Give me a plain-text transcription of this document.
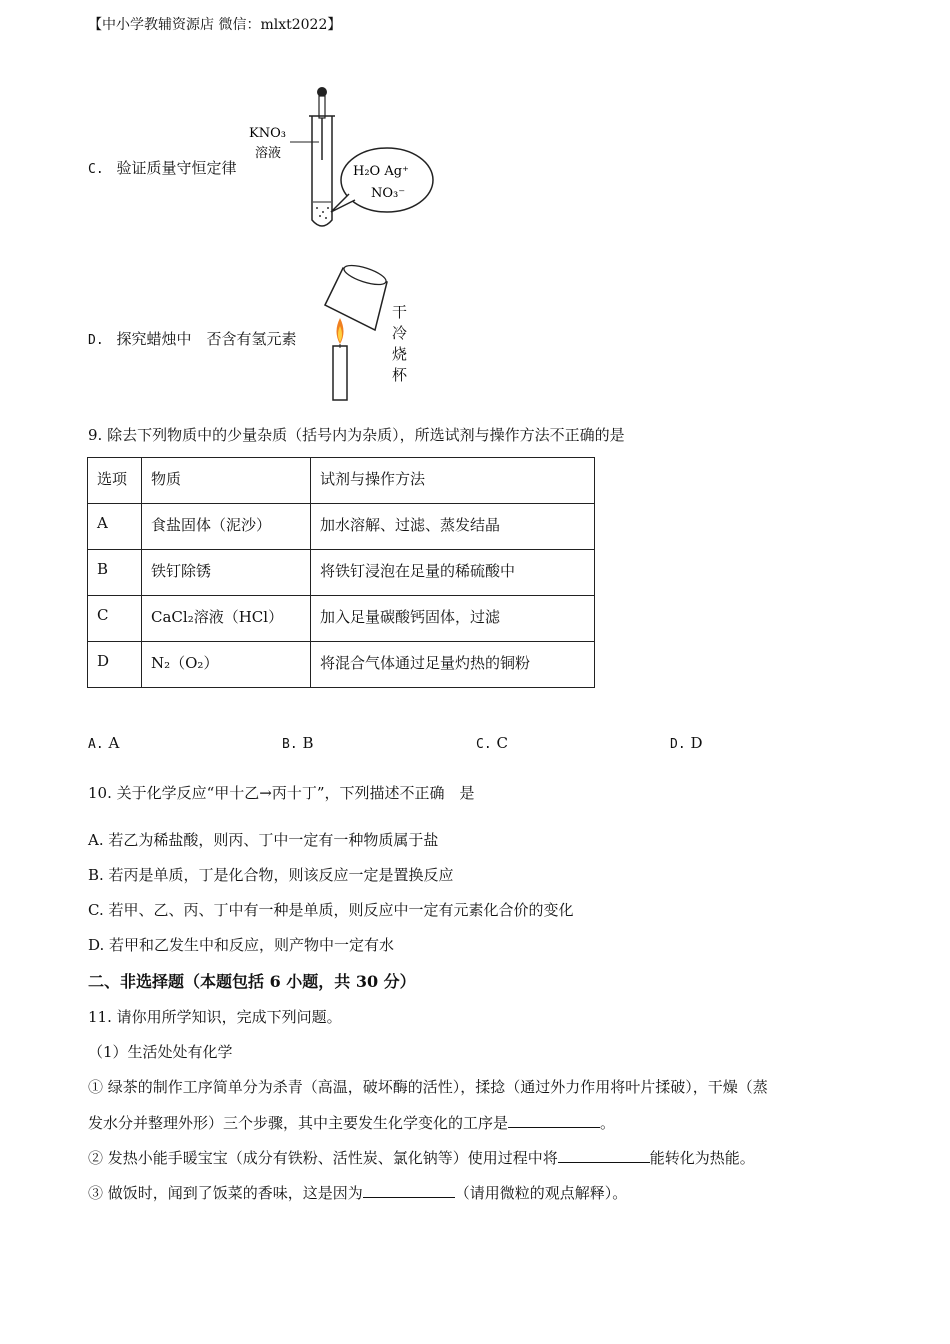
【中小学教辅资源店 微信：mlxt2022】
C. 验证质量守恒定律
KNO₃
溶液
H₂O Ag⁺
NO₃⁻
D. 探究蜡烛中　否含有氢元素
干
冷
烧
杯
9. 除去下列物质中的少量杂质（括号内为杂质），所选试剂与操作方法不正确的是
选项	物质	试剂与操作方法
A	食盐固体（泥沙）	加水溶解、过滤、蒸发结晶
B	铁钉除锈	将铁钉浸泡在足量的稀硫酸中
C	CaCl₂溶液（HCl）	加入足量碳酸钙固体，过滤
D	N₂（O₂）	将混合气体通过足量灼热的铜粉
A. A	B. B	C. C	D. D
10. 关于化学反应“甲十乙→丙十丁”，下列描述不正确　是
A. 若乙为稀盐酸，则丙、丁中一定有一种物质属于盐
B. 若丙是单质，丁是化合物，则该反应一定是置换反应
C. 若甲、乙、丙、丁中有一种是单质，则反应中一定有元素化合价的变化
D. 若甲和乙发生中和反应，则产物中一定有水
二、非选择题（本题包括 6 小题，共 30 分）
11. 请你用所学知识，完成下列问题。
（1）生活处处有化学
① 绿茶的制作工序简单分为杀青（高温，破坏酶的活性），揉捻（通过外力作用将叶片揉破），干燥（蒸
发水分并整理外形）三个步骤，其中主要发生化学变化的工序是	。
② 发热小能手暖宝宝（成分有铁粉、活性炭、氯化钠等）使用过程中将	能转化为热能。
③ 做饭时，闻到了饭菜的香味，这是因为	（请用微粒的观点解释）。
